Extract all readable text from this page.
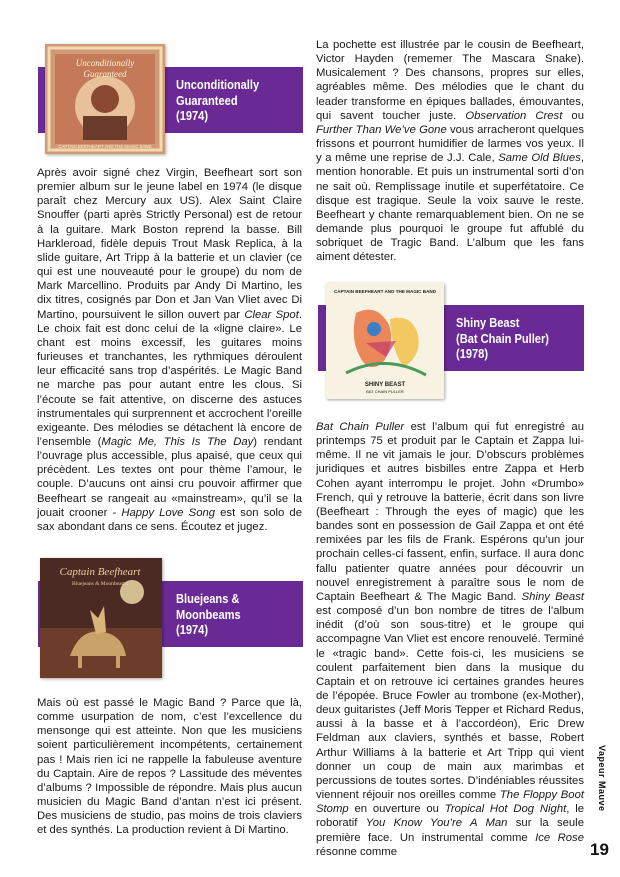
Unconditionally
Guaranteed
CAPTAIN BEEFHEART AND THE MAGIC BAND
Unconditionally
Guaranteed
(1974)

Après avoir signé chez Virgin, Beefheart sort son premier album sur le jeune label en 1974 (le disque paraît chez Mercury aux US). Alex Saint Claire Snouffer (parti après Strictly Personal) est de retour à la guitare. Mark Boston reprend la basse. Bill Harkleroad, fidèle depuis Trout Mask Replica, à la slide guitare, Art Tripp à la batterie et un clavier (ce qui est une nouveauté pour le groupe) du nom de Mark Marcellino. Produits par Andy Di Martino, les dix titres, cosignés par Don et Jan Van Vliet avec Di Martino, poursuivent le sillon ouvert par Clear Spot. Le choix fait est donc celui de la «ligne claire». Le chant est moins excessif, les guitares moins furieuses et tranchantes, les rythmiques déroulent leur efficacité sans trop d’aspérités. Le Magic Band ne marche pas pour autant entre les clous. Si l’écoute se fait attentive, on discerne des astuces instrumentales qui surprennent et accrochent l’oreille exigeante. Des mélodies se détachent là encore de l’ensemble (Magic Me, This Is The Day) rendant l’ouvrage plus accessible, plus apaisé, que ceux qui précèdent. Les textes ont pour thème l’amour, le couple. D’aucuns ont ainsi cru pouvoir affirmer que Beefheart se rangeait au «mainstream», qu’il se la jouait crooner - Happy Love Song est son solo de sax abondant dans ce sens. Écoutez et jugez.

Captain Beefheart
Bluejeans & Moonbeams
Bluejeans &
Moonbeams
(1974)

Mais où est passé le Magic Band ? Parce que là, comme usurpation de nom, c’est l’excellence du mensonge qui est atteinte. Non que les musiciens soient particulièrement incompétents, certainement pas ! Mais rien ici ne rappelle la fabuleuse aventure du Captain. Aire de repos ? Lassitude des méventes d’albums ? Impossible de répondre. Mais plus aucun musicien du Magic Band d’antan n’est ici présent. Des musiciens de studio, pas moins de trois claviers et des synthés. La production revient à Di Martino.

La pochette est illustrée par le cousin de Beefheart, Victor Hayden (rememer The Mascara Snake). Musicalement ? Des chansons, propres sur elles, agréables même. Des mélodies que le chant du leader transforme en épiques ballades, émouvantes, qui savent toucher juste. Observation Crest ou Further Than We’ve Gone vous arracheront quelques frissons et pourront humidifier de larmes vos yeux. Il y a même une reprise de J.J. Cale, Same Old Blues, mention honorable. Et puis un instrumental sorti d’on ne sait où. Remplissage inutile et superfétatoire. Ce disque est tragique. Seule la voix sauve le reste. Beefheart y chante remarquablement bien. On ne se demande plus pourquoi le groupe fut affublé du sobriquet de Tragic Band. L’album que les fans aiment détester.

CAPTAIN BEEFHEART AND THE MAGIC BAND
SHINY BEAST
BAT CHAIN PULLER
Shiny Beast
(Bat Chain Puller)
(1978)

Bat Chain Puller est l’album qui fut enregistré au printemps 75 et produit par le Captain et Zappa lui-même. Il ne vit jamais le jour. D’obscurs problèmes juridiques et autres bisbilles entre Zappa et Herb Cohen ayant interrompu le projet. John «Drumbo» French, qui y retrouve la batterie, écrit dans son livre (Beefheart : Through the eyes of magic) que les bandes sont en possession de Gail Zappa et ont été remixées par les fils de Frank. Espérons qu’un jour prochain celles-ci fassent, enfin, surface. Il aura donc fallu patienter quatre années pour découvrir un nouvel enregistrement à paraître sous le nom de Captain Beefheart & The Magic Band. Shiny Beast est composé d’un bon nombre de titres de l’album inédit (d’où son sous-titre) et le groupe qui accompagne Van Vliet est encore renouvelé. Terminé le «tragic band». Cette fois-ci, les musiciens se coulent parfaitement bien dans la musique du Captain et on retrouve ici certaines grandes heures de l’épopée. Bruce Fowler au trombone (ex-Mother), deux guitaristes (Jeff Moris Tepper et Richard Redus, aussi à la basse et à l’accordéon), Eric Drew Feldman aux claviers, synthés et basse, Robert Arthur Williams à la batterie et Art Tripp qui vient donner un coup de main aux marimbas et percussions de toutes sortes. D’indéniables réussites viennent réjouir nos oreilles comme The Floppy Boot Stomp en ouverture ou Tropical Hot Dog Night, le roboratif You Know You’re A Man sur la seule première face. Un instrumental comme Ice Rose résonne comme

Vapeur Mauve
19
